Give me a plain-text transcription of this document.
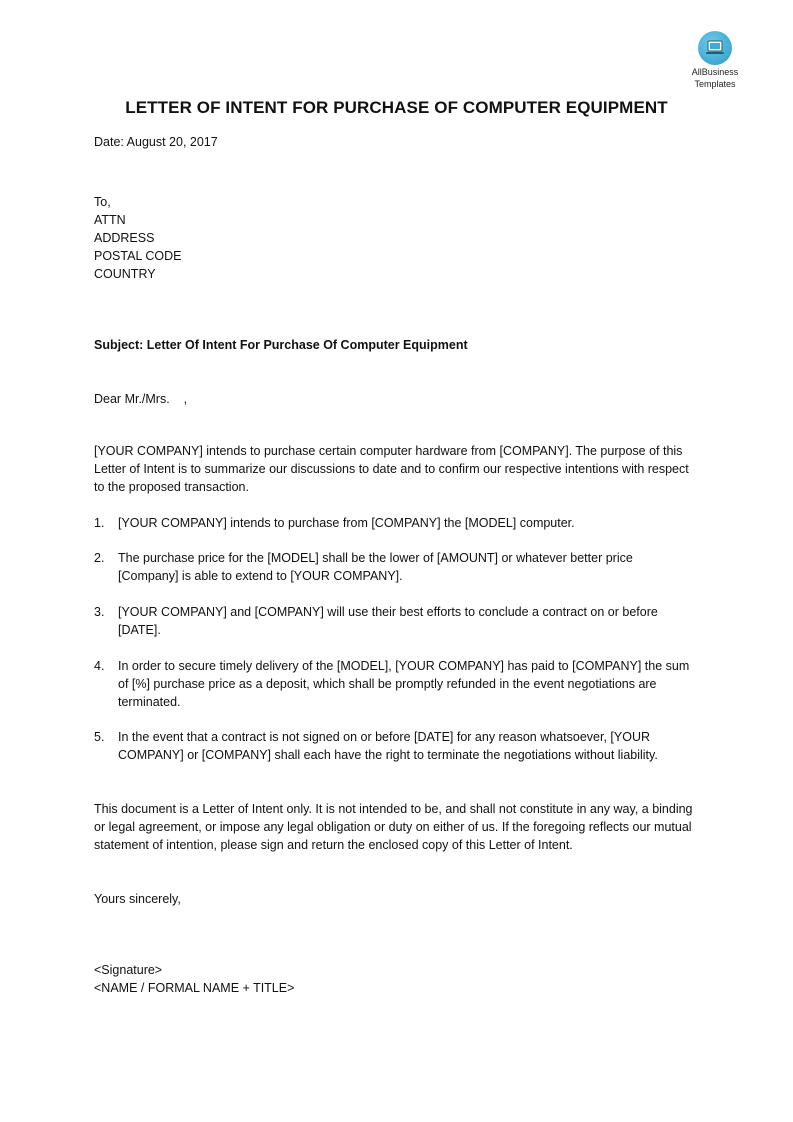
AllBusiness
Templates
LETTER OF INTENT FOR PURCHASE OF COMPUTER EQUIPMENT
Date: August 20, 2017
To,
ATTN
ADDRESS
POSTAL CODE
COUNTRY
Subject: Letter Of Intent For Purchase Of Computer Equipment
Dear Mr./Mrs.    ,
[YOUR COMPANY] intends to purchase certain computer hardware from [COMPANY]. The purpose of this Letter of Intent is to summarize our discussions to date and to confirm our respective intentions with respect to the proposed transaction.
1.	[YOUR COMPANY] intends to purchase from [COMPANY] the [MODEL] computer.
2.	The purchase price for the [MODEL] shall be the lower of [AMOUNT] or whatever better price [Company] is able to extend to [YOUR COMPANY].
3.	[YOUR COMPANY] and [COMPANY] will use their best efforts to conclude a contract on or before [DATE].
4.	In order to secure timely delivery of the [MODEL], [YOUR COMPANY] has paid to [COMPANY] the sum of [%] purchase price as a deposit, which shall be promptly refunded in the event negotiations are terminated.
5.	In the event that a contract is not signed on or before [DATE] for any reason whatsoever, [YOUR COMPANY] or [COMPANY] shall each have the right to terminate the negotiations without liability.
This document is a Letter of Intent only. It is not intended to be, and shall not constitute in any way, a binding or legal agreement, or impose any legal obligation or duty on either of us. If the foregoing reflects our mutual statement of intention, please sign and return the enclosed copy of this Letter of Intent.
Yours sincerely,
<Signature>
<NAME / FORMAL NAME + TITLE>
